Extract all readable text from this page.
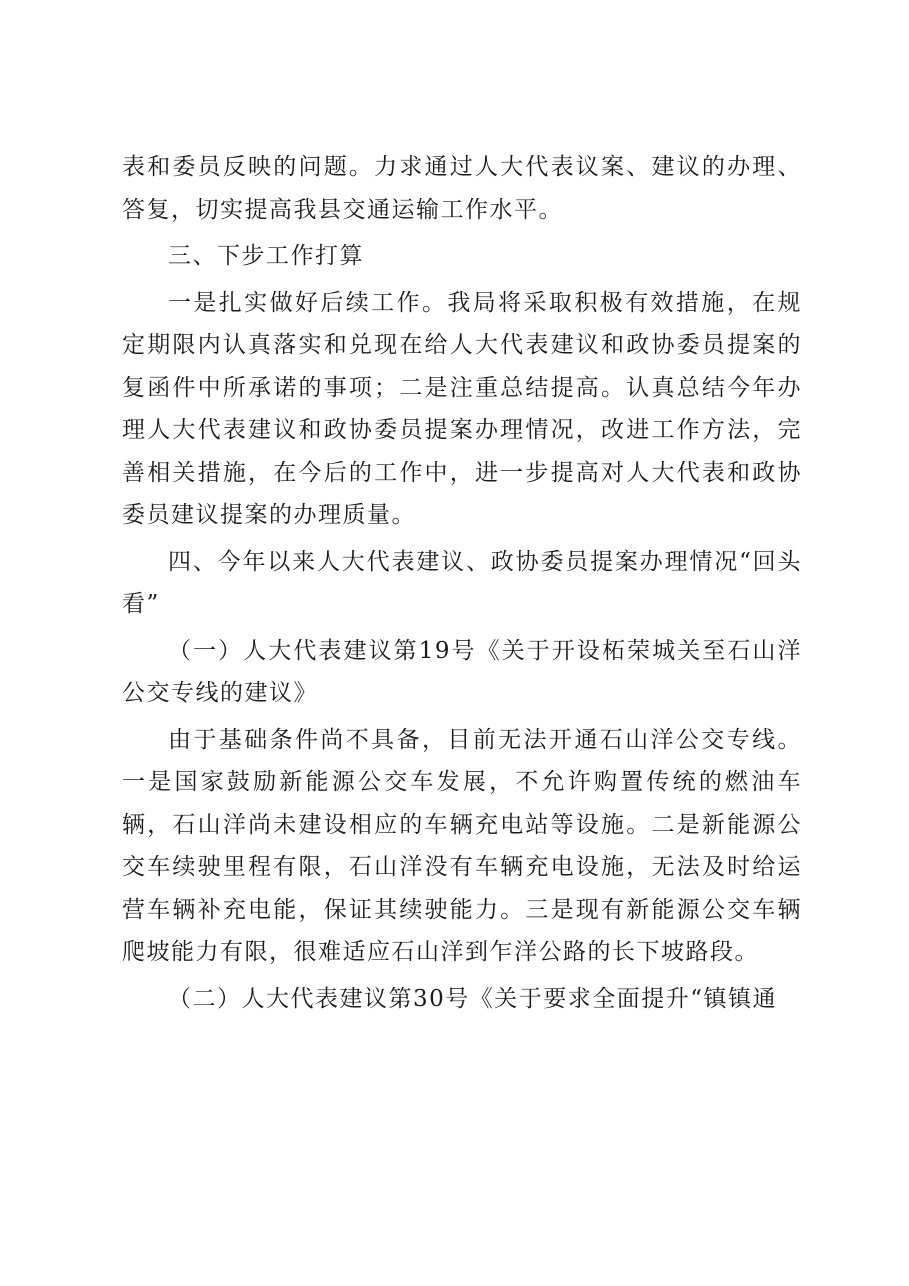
表和委员反映的问题。力求通过人大代表议案、建议的办理、答复，切实提高我县交通运输工作水平。

三、下步工作打算

一是扎实做好后续工作。我局将采取积极有效措施，在规定期限内认真落实和兑现在给人大代表建议和政协委员提案的复函件中所承诺的事项；二是注重总结提高。认真总结今年办理人大代表建议和政协委员提案办理情况，改进工作方法，完善相关措施，在今后的工作中，进一步提高对人大代表和政协委员建议提案的办理质量。

四、今年以来人大代表建议、政协委员提案办理情况“回头看”

（一）人大代表建议第19号《关于开设柘荣城关至石山洋公交专线的建议》

由于基础条件尚不具备，目前无法开通石山洋公交专线。一是国家鼓励新能源公交车发展，不允许购置传统的燃油车辆，石山洋尚未建设相应的车辆充电站等设施。二是新能源公交车续驶里程有限，石山洋没有车辆充电设施，无法及时给运营车辆补充电能，保证其续驶能力。三是现有新能源公交车辆爬坡能力有限，很难适应石山洋到乍洋公路的长下坡路段。

（二）人大代表建议第30号《关于要求全面提升“镇镇通
